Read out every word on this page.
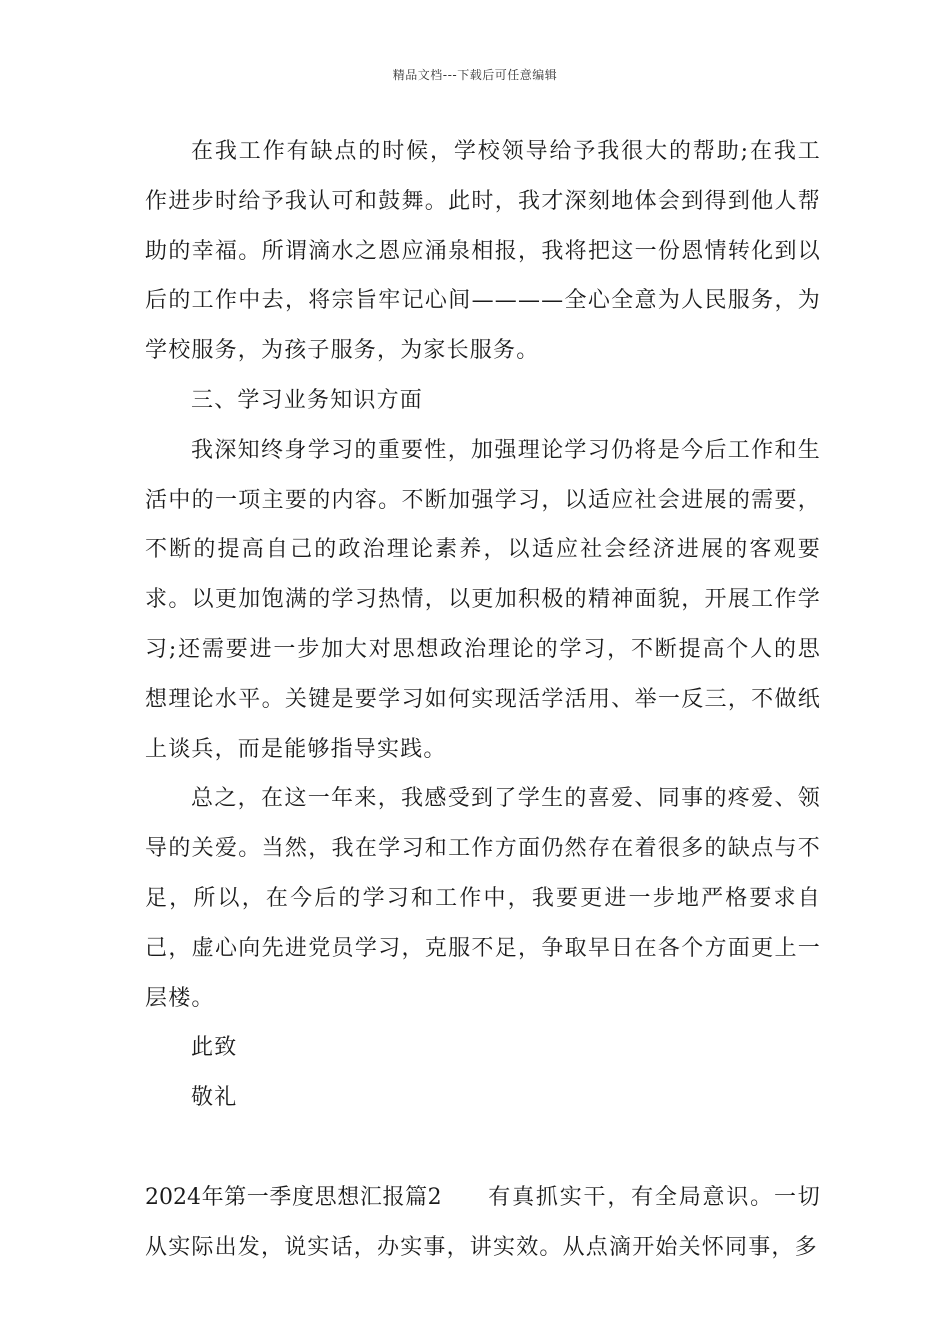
精品文档---下载后可任意编辑

在我工作有缺点的时候，学校领导给予我很大的帮助;在我工作进步时给予我认可和鼓舞。此时，我才深刻地体会到得到他人帮助的幸福。所谓滴水之恩应涌泉相报，我将把这一份恩情转化到以后的工作中去，将宗旨牢记心间————全心全意为人民服务，为学校服务，为孩子服务，为家长服务。

三、学习业务知识方面

我深知终身学习的重要性，加强理论学习仍将是今后工作和生活中的一项主要的内容。不断加强学习，以适应社会进展的需要，不断的提高自己的政治理论素养，以适应社会经济进展的客观要求。以更加饱满的学习热情，以更加积极的精神面貌，开展工作学习;还需要进一步加大对思想政治理论的学习，不断提高个人的思想理论水平。关键是要学习如何实现活学活用、举一反三，不做纸上谈兵，而是能够指导实践。

总之，在这一年来，我感受到了学生的喜爱、同事的疼爱、领导的关爱。当然，我在学习和工作方面仍然存在着很多的缺点与不足，所以，在今后的学习和工作中，我要更进一步地严格要求自己，虚心向先进党员学习，克服不足，争取早日在各个方面更上一层楼。

此致

敬礼

2024年第一季度思想汇报篇2 有真抓实干，有全局意识。一切从实际出发，说实话，办实事，讲实效。从点滴开始关怀同事，多
